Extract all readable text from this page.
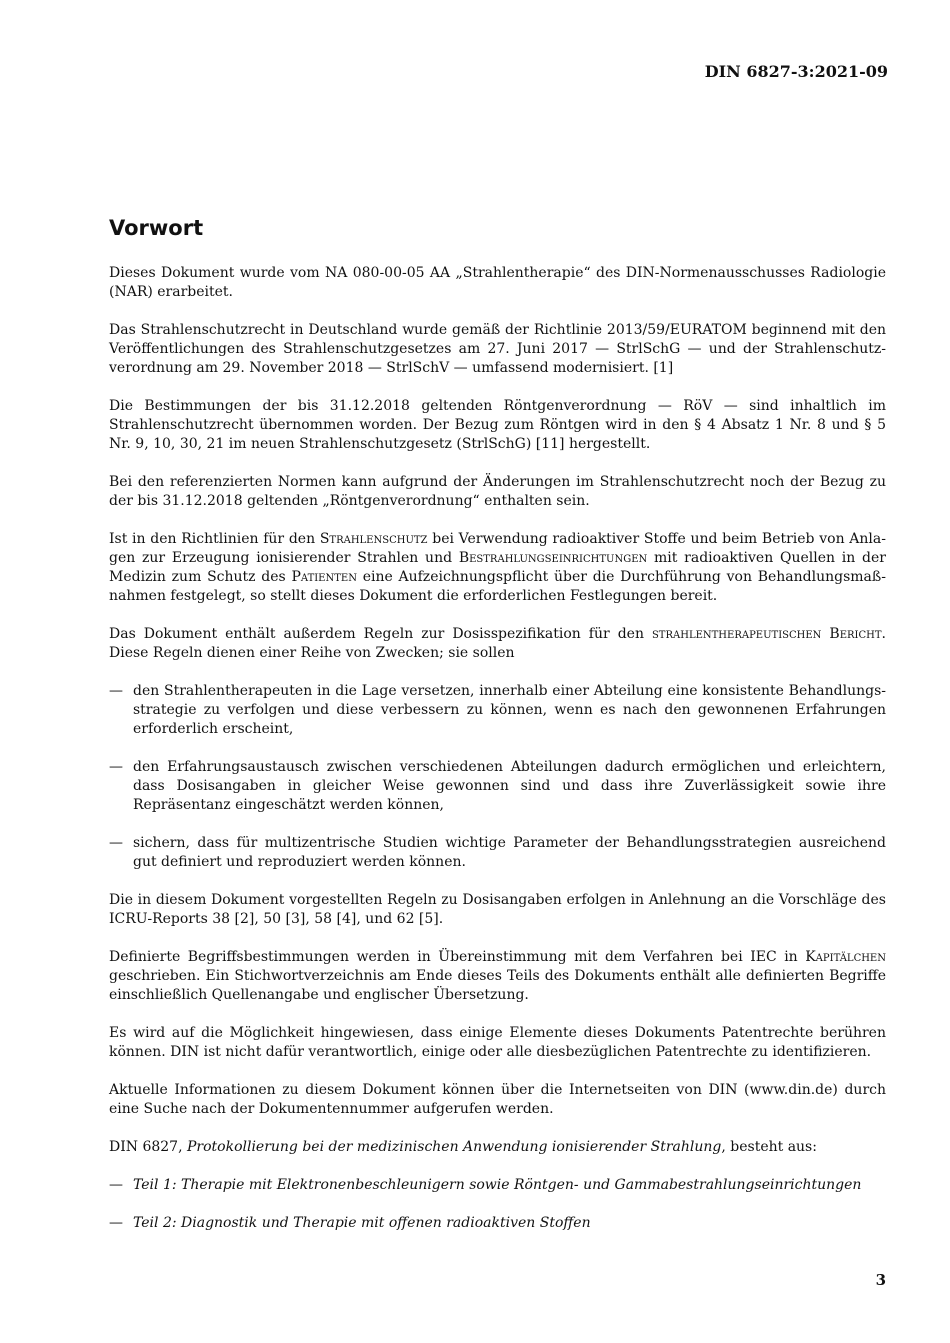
DIN 6827-3:2021-09
Vorwort

Dieses Dokument wurde vom NA 080-00-05 AA „Strahlentherapie“ des DIN-Normenausschusses Radiologie (NAR) erarbeitet.

Das Strahlenschutzrecht in Deutschland wurde gemäß der Richtlinie 2013/59/EURATOM beginnend mit den Veröffentlichungen des Strahlenschutzgesetzes am 27. Juni 2017 — StrlSchG — und der Strahlenschutzverordnung am 29. November 2018 — StrlSchV — umfassend modernisiert. [1]

Die Bestimmungen der bis 31.12.2018 geltenden Röntgenverordnung — RöV — sind inhaltlich im Strahlenschutzrecht übernommen worden. Der Bezug zum Röntgen wird in den § 4 Absatz 1 Nr. 8 und § 5 Nr. 9, 10, 30, 21 im neuen Strahlenschutzgesetz (StrlSchG) [11] hergestellt.

Bei den referenzierten Normen kann aufgrund der Änderungen im Strahlenschutzrecht noch der Bezug zu der bis 31.12.2018 geltenden „Röntgenverordnung“ enthalten sein.

Ist in den Richtlinien für den Strahlenschutz bei Verwendung radioaktiver Stoffe und beim Betrieb von Anlagen zur Erzeugung ionisierender Strahlen und Bestrahlungseinrichtungen mit radioaktiven Quellen in der Medizin zum Schutz des Patienten eine Aufzeichnungspflicht über die Durchführung von Behandlungsmaßnahmen festgelegt, so stellt dieses Dokument die erforderlichen Festlegungen bereit.

Das Dokument enthält außerdem Regeln zur Dosisspezifikation für den strahlentherapeutischen Bericht. Diese Regeln dienen einer Reihe von Zwecken; sie sollen

— den Strahlentherapeuten in die Lage versetzen, innerhalb einer Abteilung eine konsistente Behandlungsstrategie zu verfolgen und diese verbessern zu können, wenn es nach den gewonnenen Erfahrungen erforderlich erscheint,
— den Erfahrungsaustausch zwischen verschiedenen Abteilungen dadurch ermöglichen und erleichtern, dass Dosisangaben in gleicher Weise gewonnen sind und dass ihre Zuverlässigkeit sowie ihre Repräsentanz eingeschätzt werden können,
— sichern, dass für multizentrische Studien wichtige Parameter der Behandlungsstrategien ausreichend gut definiert und reproduziert werden können.

Die in diesem Dokument vorgestellten Regeln zu Dosisangaben erfolgen in Anlehnung an die Vorschläge des ICRU-Reports 38 [2], 50 [3], 58 [4], und 62 [5].

Definierte Begriffsbestimmungen werden in Übereinstimmung mit dem Verfahren bei IEC in Kapitälchen geschrieben. Ein Stichwortverzeichnis am Ende dieses Teils des Dokuments enthält alle definierten Begriffe einschließlich Quellenangabe und englischer Übersetzung.

Es wird auf die Möglichkeit hingewiesen, dass einige Elemente dieses Dokuments Patentrechte berühren können. DIN ist nicht dafür verantwortlich, einige oder alle diesbezüglichen Patentrechte zu identifizieren.

Aktuelle Informationen zu diesem Dokument können über die Internetseiten von DIN (www.din.de) durch eine Suche nach der Dokumentennummer aufgerufen werden.

DIN 6827, Protokollierung bei der medizinischen Anwendung ionisierender Strahlung, besteht aus:

— Teil 1: Therapie mit Elektronenbeschleunigern sowie Röntgen- und Gammabestrahlungseinrichtungen
— Teil 2: Diagnostik und Therapie mit offenen radioaktiven Stoffen
3
